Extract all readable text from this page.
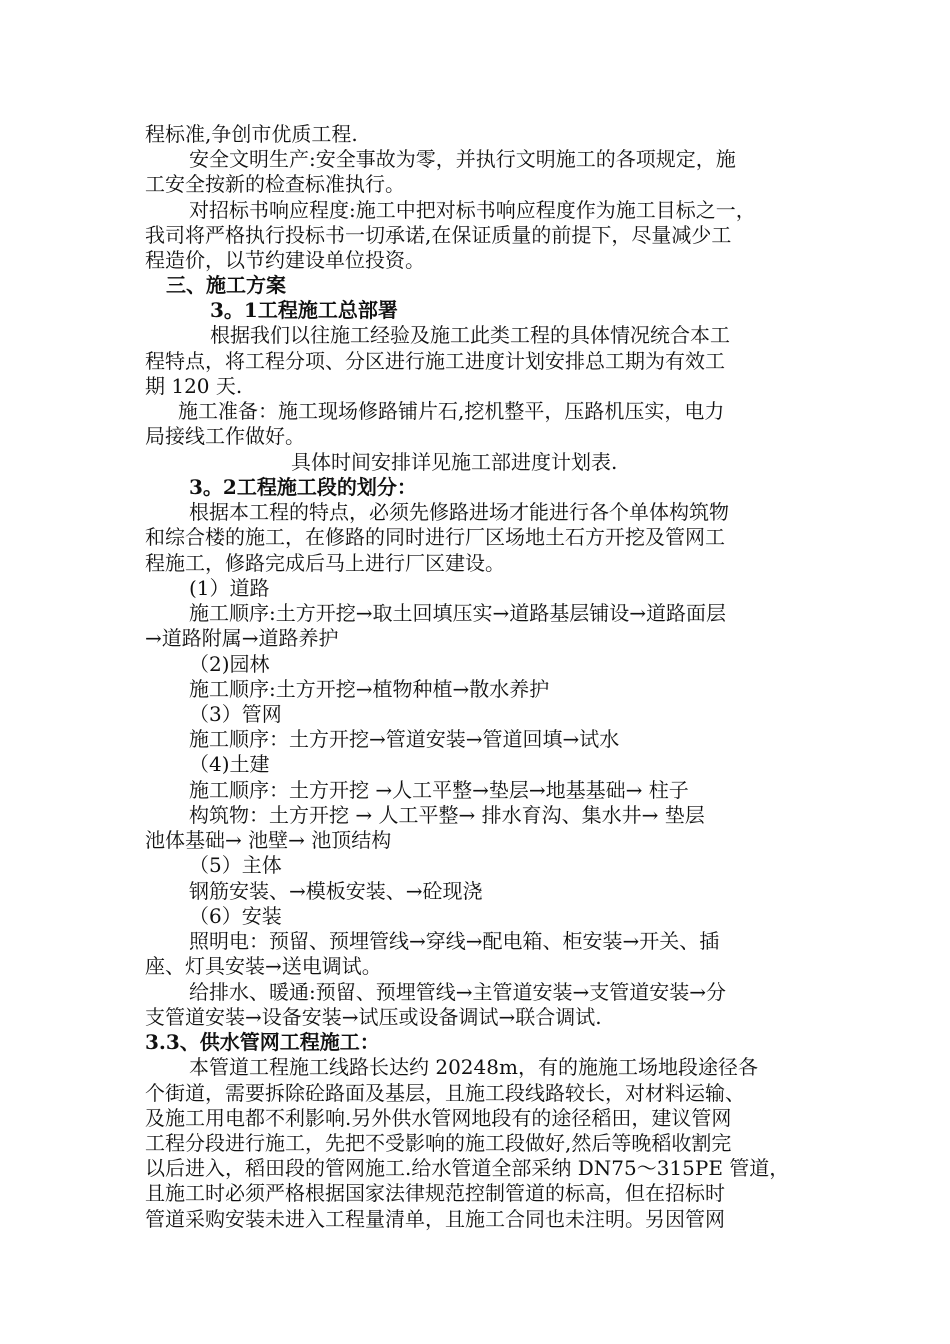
程标准,争创市优质工程.
安全文明生产:安全事故为零，并执行文明施工的各项规定，施
工安全按新的检查标准执行。
对招标书响应程度:施工中把对标书响应程度作为施工目标之一，
我司将严格执行投标书一切承诺,在保证质量的前提下，尽量减少工
程造价，以节约建设单位投资。
三、施工方案
3。1工程施工总部署
根据我们以往施工经验及施工此类工程的具体情况统合本工
程特点，将工程分项、分区进行施工进度计划安排总工期为有效工
期 120 天.
施工准备：施工现场修路铺片石,挖机整平，压路机压实，电力
局接线工作做好。
具体时间安排详见施工部进度计划表.
3。2工程施工段的划分：
根据本工程的特点，必须先修路进场才能进行各个单体构筑物
和综合楼的施工，在修路的同时进行厂区场地土石方开挖及管网工
程施工，修路完成后马上进行厂区建设。
(1）道路
施工顺序:土方开挖→取土回填压实→道路基层铺设→道路面层
→道路附属→道路养护
（2)园林
施工顺序:土方开挖→植物种植→散水养护
（3）管网
施工顺序：土方开挖→管道安装→管道回填→试水
（4)土建
施工顺序：土方开挖 →人工平整→垫层→地基基础→ 柱子
构筑物：土方开挖 → 人工平整→ 排水育沟、集水井→ 垫层
池体基础→ 池壁→ 池顶结构
（5）主体
钢筋安装、→模板安装、→砼现浇
（6）安装
照明电：预留、预埋管线→穿线→配电箱、柜安装→开关、插
座、灯具安装→送电调试。
给排水、暖通:预留、预埋管线→主管道安装→支管道安装→分
支管道安装→设备安装→试压或设备调试→联合调试.
3.3、供水管网工程施工：
本管道工程施工线路长达约 20248m，有的施施工场地段途径各
个街道，需要拆除砼路面及基层，且施工段线路较长，对材料运输、
及施工用电都不利影响.另外供水管网地段有的途径稻田，建议管网
工程分段进行施工，先把不受影响的施工段做好,然后等晚稻收割完
以后进入，稻田段的管网施工.给水管道全部采纳 DN75～315PE 管道，
且施工时必须严格根据国家法律规范控制管道的标高，但在招标时
管道采购安装未进入工程量清单，且施工合同也未注明。另因管网
